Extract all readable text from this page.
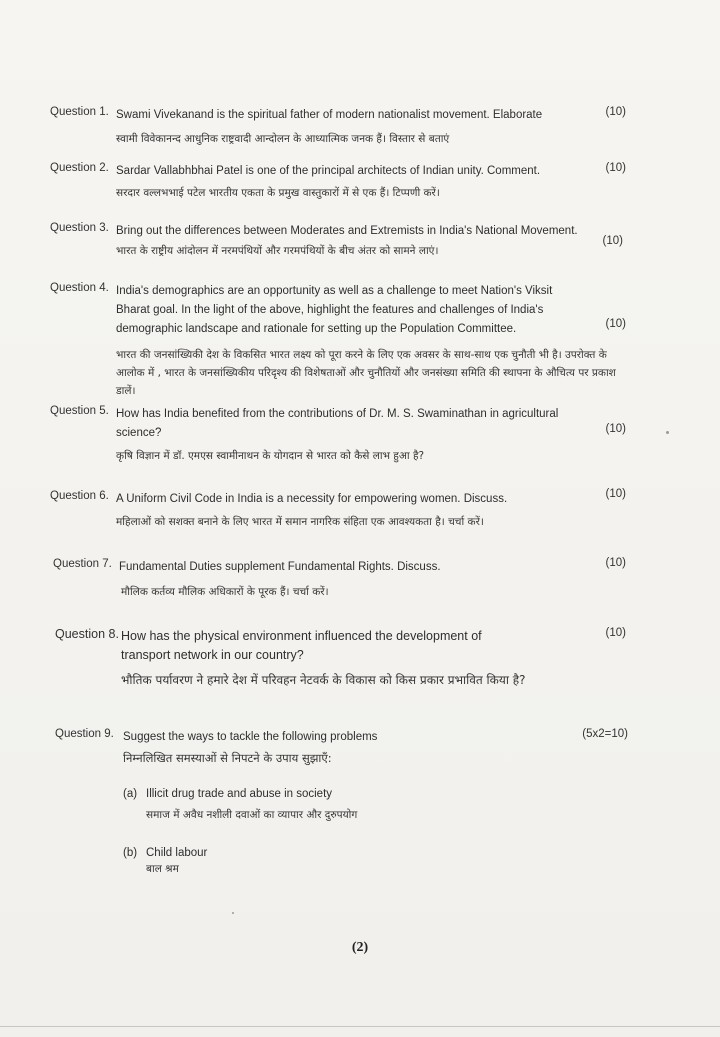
Question 1. Swami Vivekanand is the spiritual father of modern nationalist movement. Elaborate
स्वामी विवेकानन्द आधुनिक राष्ट्रवादी आन्दोलन के आध्यात्मिक जनक हैं। विस्तार से बताएं
(10)
Question 2. Sardar Vallabhbhai Patel is one of the principal architects of Indian unity. Comment.
सरदार वल्लभभाई पटेल भारतीय एकता के प्रमुख वास्तुकारों में से एक हैं। टिप्पणी करें।
(10)
Question 3. Bring out the differences between Moderates and Extremists in India's National Movement.
भारत के राष्ट्रीय आंदोलन में नरमपंथियों और गरमपंथियों के बीच अंतर को सामने लाएं।
(10)
Question 4. India's demographics are an opportunity as well as a challenge to meet Nation's Viksit Bharat goal. In the light of the above, highlight the features and challenges of India's demographic landscape and rationale for setting up the Population Committee.
भारत की जनसांख्यिकी देश के विकसित भारत लक्ष्य को पूरा करने के लिए एक अवसर के साथ-साथ एक चुनौती भी है। उपरोक्त के आलोक में , भारत के जनसांख्यिकीय परिदृश्य की विशेषताओं और चुनौतियों और जनसंख्या समिति की स्थापना के औचित्य पर प्रकाश डालें।
(10)
Question 5. How has India benefited from the contributions of Dr. M. S. Swaminathan in agricultural science?
कृषि विज्ञान में डॉ. एमएस स्वामीनाथन के योगदान से भारत को कैसे लाभ हुआ है?
(10)
Question 6. A Uniform Civil Code in India is a necessity for empowering women. Discuss.
महिलाओं को सशक्त बनाने के लिए भारत में समान नागरिक संहिता एक आवश्यकता है। चर्चा करें।
(10)
Question 7. Fundamental Duties supplement Fundamental Rights. Discuss.
मौलिक कर्तव्य मौलिक अधिकारों के पूरक हैं। चर्चा करें।
(10)
Question 8. How has the physical environment influenced the development of transport network in our country?
भौतिक पर्यावरण ने हमारे देश में परिवहन नेटवर्क के विकास को किस प्रकार प्रभावित किया है?
(10)
Question 9. Suggest the ways to tackle the following problems
निम्नलिखित समस्याओं से निपटने के उपाय सुझाएँ:
(5x2=10)
(a) Illicit drug trade and abuse in society
समाज में अवैध नशीली दवाओं का व्यापार और दुरुपयोग
(b) Child labour
बाल श्रम
(2)
